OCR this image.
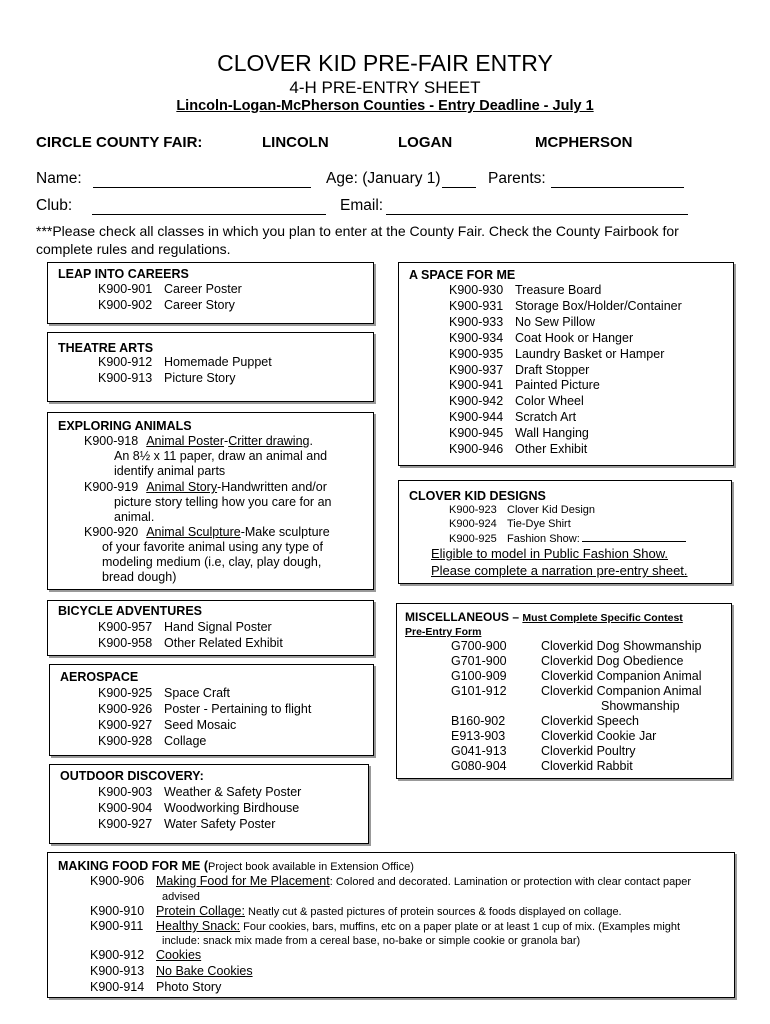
CLOVER KID PRE-FAIR ENTRY
4-H PRE-ENTRY SHEET
Lincoln-Logan-McPherson Counties - Entry Deadline - July 1
CIRCLE COUNTY FAIR:	LINCOLN	LOGAN	MCPHERSON
Name:	Age: (January 1)	Parents:
Club:	Email:
***Please check all classes in which you plan to enter at the County Fair. Check the County Fairbook for complete rules and regulations.
LEAP INTO CAREERS
K900-901 Career Poster
K900-902 Career Story
THEATRE ARTS
K900-912 Homemade Puppet
K900-913 Picture Story
EXPLORING ANIMALS
K900-918 Animal Poster-Critter drawing.
An 8½ x 11 paper, draw an animal and
identify animal parts
K900-919 Animal Story-Handwritten and/or
picture story telling how you care for an
animal.
K900-920 Animal Sculpture-Make sculpture
of your favorite animal using any type of
modeling medium (i.e, clay, play dough,
bread dough)
BICYCLE ADVENTURES
K900-957 Hand Signal Poster
K900-958 Other Related Exhibit
AEROSPACE
K900-925 Space Craft
K900-926 Poster - Pertaining to flight
K900-927 Seed Mosaic
K900-928 Collage
OUTDOOR DISCOVERY:
K900-903 Weather & Safety Poster
K900-904 Woodworking Birdhouse
K900-927 Water Safety Poster
A SPACE FOR ME
K900-930 Treasure Board
K900-931 Storage Box/Holder/Container
K900-933 No Sew Pillow
K900-934 Coat Hook or Hanger
K900-935 Laundry Basket or Hamper
K900-937 Draft Stopper
K900-941 Painted Picture
K900-942 Color Wheel
K900-944 Scratch Art
K900-945 Wall Hanging
K900-946 Other Exhibit
CLOVER KID DESIGNS
K900-923 Clover Kid Design
K900-924 Tie-Dye Shirt
K900-925 Fashion Show:
Eligible to model in Public Fashion Show.
Please complete a narration pre-entry sheet.
MISCELLANEOUS – Must Complete Specific Contest
Pre-Entry Form
G700-900	Cloverkid Dog Showmanship
G701-900	Cloverkid Dog Obedience
G100-909	Cloverkid Companion Animal
G101-912	Cloverkid Companion Animal
Showmanship
B160-902	Cloverkid Speech
E913-903	Cloverkid Cookie Jar
G041-913	Cloverkid Poultry
G080-904	Cloverkid Rabbit
MAKING FOOD FOR ME (Project book available in Extension Office)
K900-906 Making Food for Me Placement: Colored and decorated. Lamination or protection with clear contact paper
advised
K900-910 Protein Collage: Neatly cut & pasted pictures of protein sources & foods displayed on collage.
K900-911 Healthy Snack: Four cookies, bars, muffins, etc on a paper plate or at least 1 cup of mix. (Examples might
include: snack mix made from a cereal base, no-bake or simple cookie or granola bar)
K900-912 Cookies
K900-913 No Bake Cookies
K900-914 Photo Story
